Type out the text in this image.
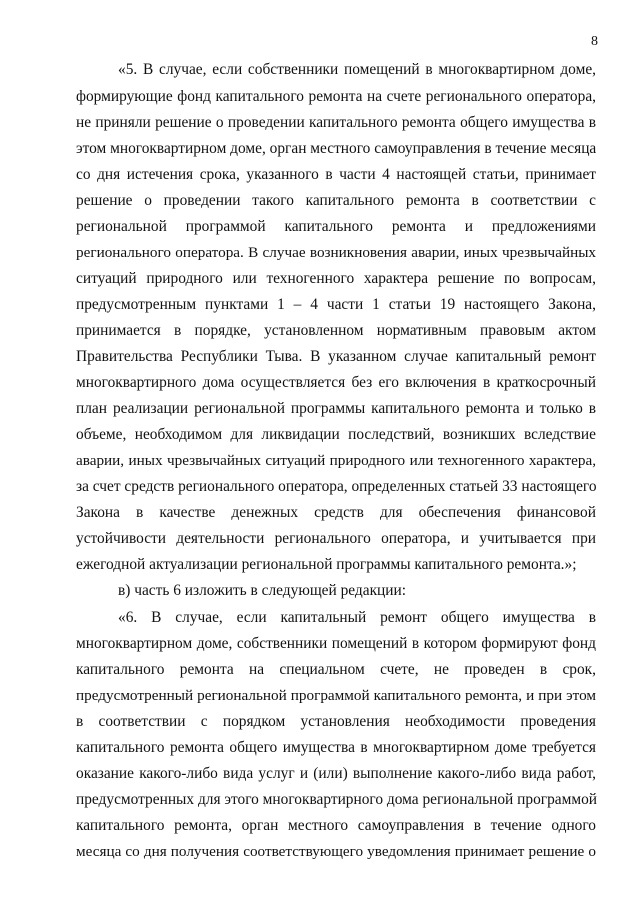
8
«5. В случае, если собственники помещений в многоквартирном доме,
формирующие фонд капитального ремонта на счете регионального оператора,
не приняли решение о проведении капитального ремонта общего имущества в
этом многоквартирном доме, орган местного самоуправления в течение месяца
со дня истечения срока, указанного в части 4 настоящей статьи, принимает
решение о проведении такого капитального ремонта в соответствии с
региональной программой капитального ремонта и предложениями
регионального оператора. В случае возникновения аварии, иных чрезвычайных
ситуаций природного или техногенного характера решение по вопросам,
предусмотренным пунктами 1 – 4 части 1 статьи 19 настоящего Закона,
принимается в порядке, установленном нормативным правовым актом
Правительства Республики Тыва. В указанном случае капитальный ремонт
многоквартирного дома осуществляется без его включения в краткосрочный
план реализации региональной программы капитального ремонта и только в
объеме, необходимом для ликвидации последствий, возникших вследствие
аварии, иных чрезвычайных ситуаций природного или техногенного характера,
за счет средств регионального оператора, определенных статьей 33 настоящего
Закона в качестве денежных средств для обеспечения финансовой
устойчивости деятельности регионального оператора, и учитывается при
ежегодной актуализации региональной программы капитального ремонта.»;
в) часть 6 изложить в следующей редакции:
«6. В случае, если капитальный ремонт общего имущества в
многоквартирном доме, собственники помещений в котором формируют фонд
капитального ремонта на специальном счете, не проведен в срок,
предусмотренный региональной программой капитального ремонта, и при этом
в соответствии с порядком установления необходимости проведения
капитального ремонта общего имущества в многоквартирном доме требуется
оказание какого-либо вида услуг и (или) выполнение какого-либо вида работ,
предусмотренных для этого многоквартирного дома региональной программой
капитального ремонта, орган местного самоуправления в течение одного
месяца со дня получения соответствующего уведомления принимает решение о
